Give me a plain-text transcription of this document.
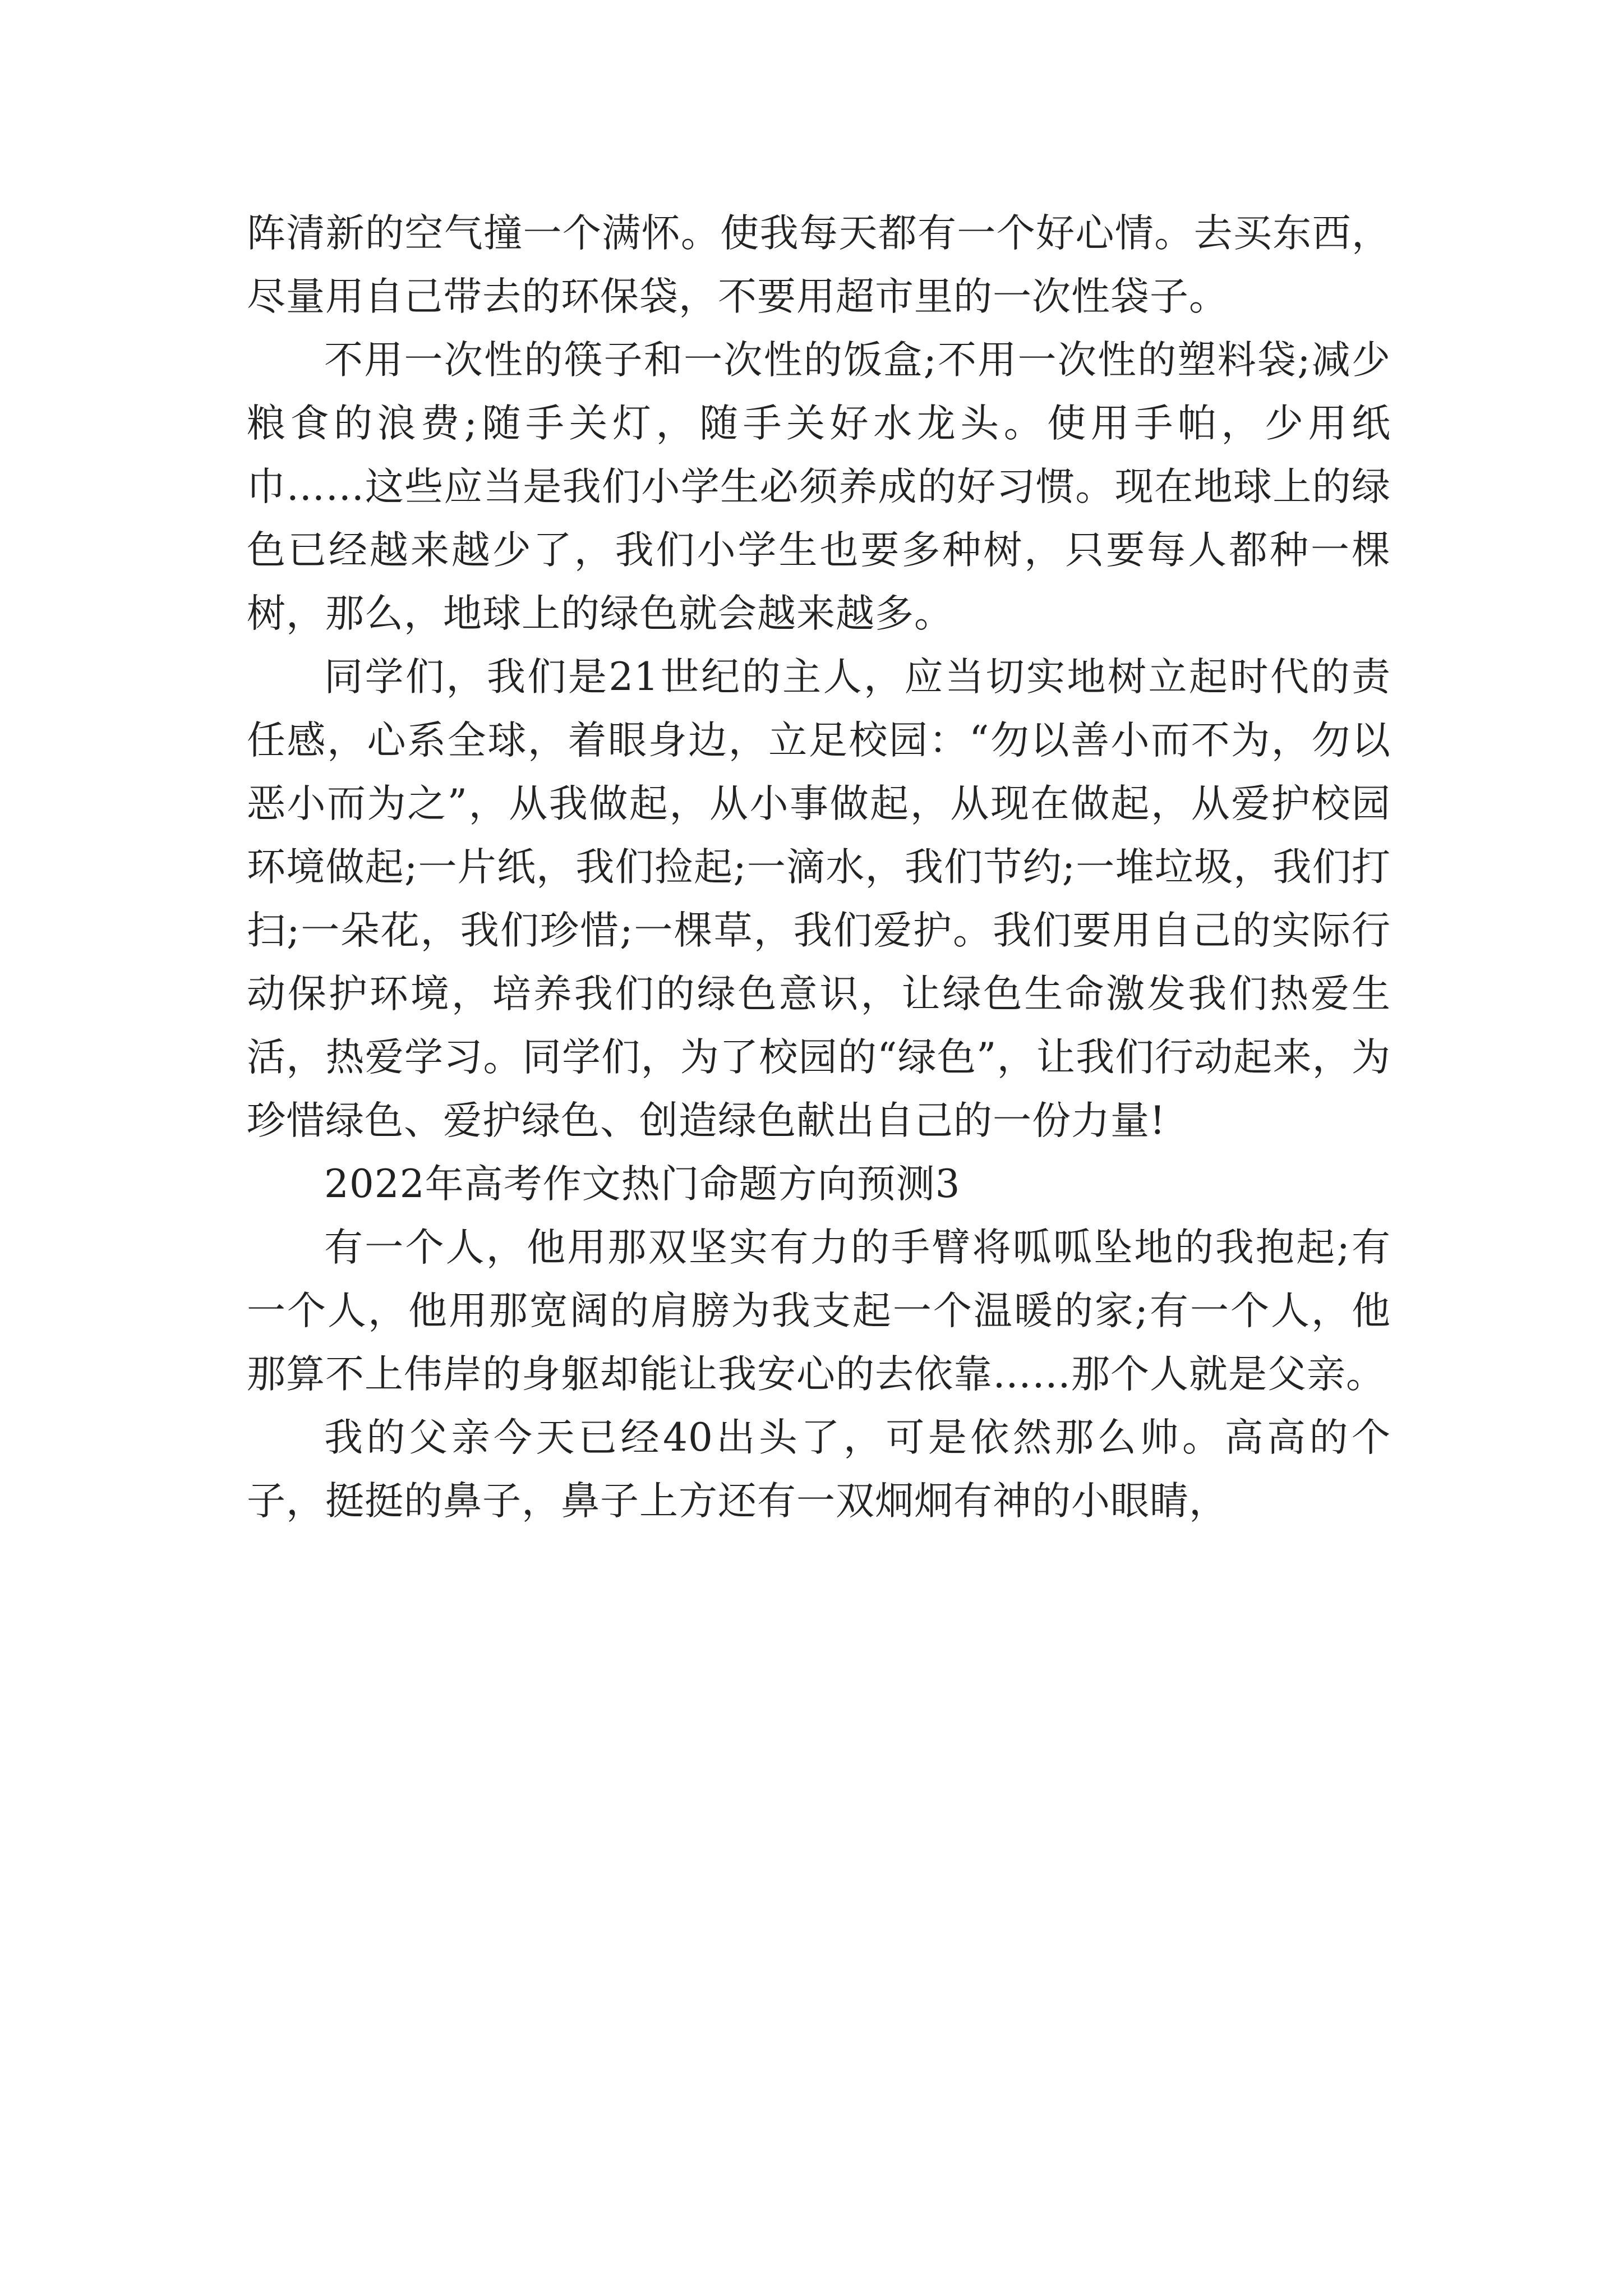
阵清新的空气撞一个满怀。使我每天都有一个好心情。去买东西，尽量用自己带去的环保袋，不要用超市里的一次性袋子。

不用一次性的筷子和一次性的饭盒;不用一次性的塑料袋;减少粮食的浪费;随手关灯，随手关好水龙头。使用手帕，少用纸巾……这些应当是我们小学生必须养成的好习惯。现在地球上的绿色已经越来越少了，我们小学生也要多种树，只要每人都种一棵树，那么，地球上的绿色就会越来越多。

同学们，我们是21世纪的主人，应当切实地树立起时代的责任感，心系全球，着眼身边，立足校园：“勿以善小而不为，勿以恶小而为之”，从我做起，从小事做起，从现在做起，从爱护校园环境做起;一片纸，我们捡起;一滴水，我们节约;一堆垃圾，我们打扫;一朵花，我们珍惜;一棵草，我们爱护。我们要用自己的实际行动保护环境，培养我们的绿色意识，让绿色生命激发我们热爱生活，热爱学习。同学们，为了校园的“绿色”，让我们行动起来，为珍惜绿色、爱护绿色、创造绿色献出自己的一份力量!

2022年高考作文热门命题方向预测3

有一个人，他用那双坚实有力的手臂将呱呱坠地的我抱起;有一个人，他用那宽阔的肩膀为我支起一个温暖的家;有一个人，他那算不上伟岸的身躯却能让我安心的去依靠……那个人就是父亲。

我的父亲今天已经40出头了，可是依然那么帅。高高的个子，挺挺的鼻子，鼻子上方还有一双炯炯有神的小眼睛，
